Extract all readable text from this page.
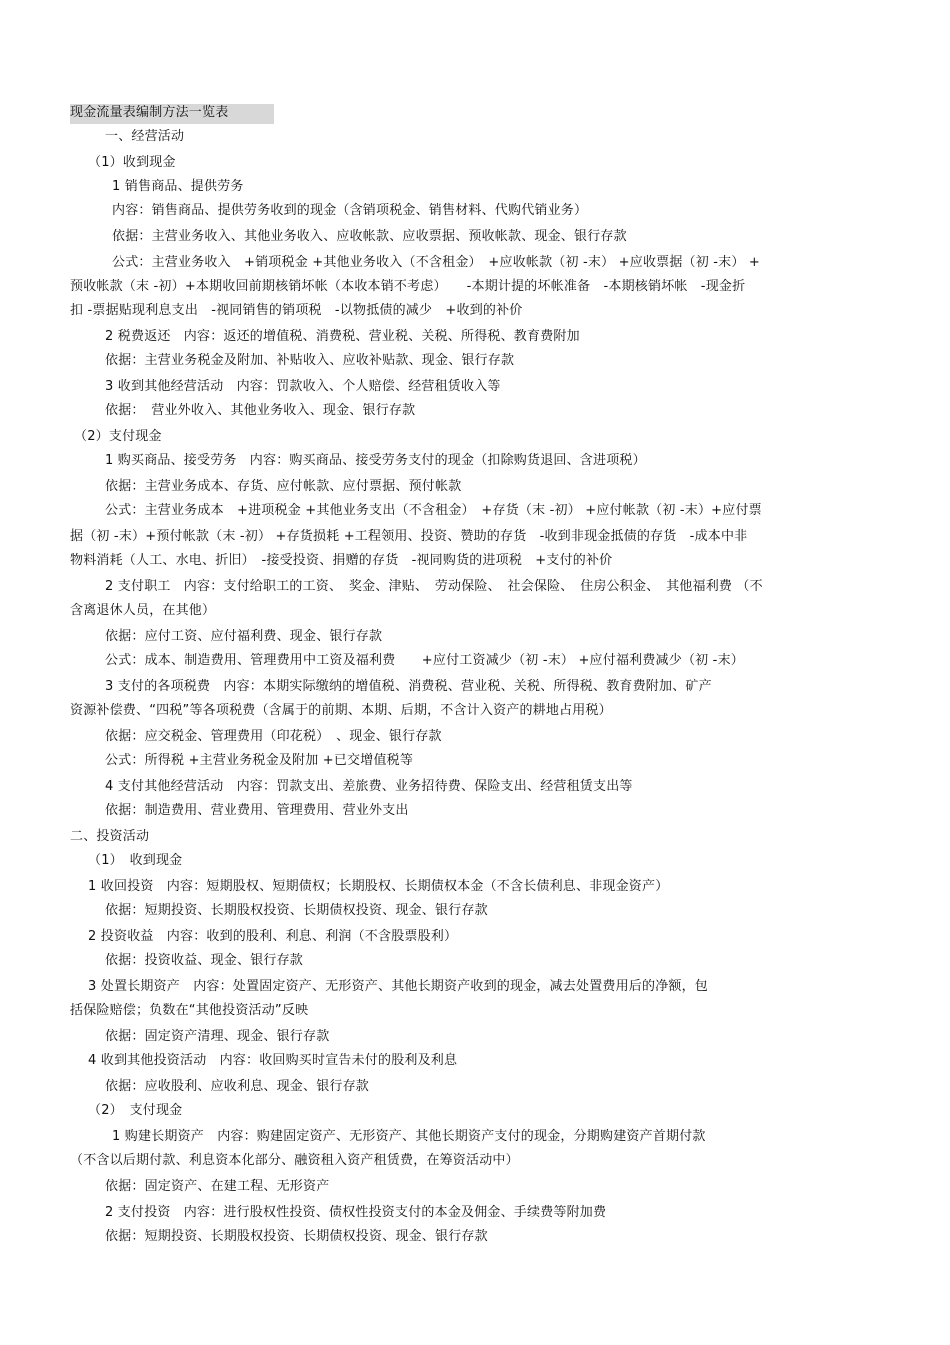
现金流量表编制方法一览表
一、经营活动
（1）收到现金
1 销售商品、提供劳务
内容：销售商品、提供劳务收到的现金（含销项税金、销售材料、代购代销业务）
依据：主营业务收入、其他业务收入、应收帐款、应收票据、预收帐款、现金、银行存款
公式：主营业务收入　+销项税金 +其他业务收入（不含租金）　+应收帐款（初 -末） +应收票据（初 -末） +
预收帐款（末 -初）+本期收回前期核销坏帐（本收本销不考虑）　　-本期计提的坏帐准备　-本期核销坏帐　-现金折
扣 -票据贴现利息支出　-视同销售的销项税　-以物抵债的减少　+收到的补价
2 税费返还　内容：返还的增值税、消费税、营业税、关税、所得税、教育费附加
依据：主营业务税金及附加、补贴收入、应收补贴款、现金、银行存款
3 收到其他经营活动　内容：罚款收入、个人赔偿、经营租赁收入等
依据：　营业外收入、其他业务收入、现金、银行存款
（2）支付现金
1 购买商品、接受劳务　内容：购买商品、接受劳务支付的现金（扣除购货退回、含进项税）
依据：主营业务成本、存货、应付帐款、应付票据、预付帐款
公式：主营业务成本　+进项税金 +其他业务支出（不含租金）　+存货（末 -初） +应付帐款（初 -末）+应付票
据（初 -末）+预付帐款（末 -初） +存货损耗 +工程领用、投资、赞助的存货　-收到非现金抵债的存货　-成本中非
物料消耗（人工、水电、折旧）　-接受投资、捐赠的存货　-视同购货的进项税　+支付的补价
2 支付职工　内容：支付给职工的工资、　奖金、津贴、　劳动保险、　社会保险、　住房公积金、　其他福利费 （不
含离退休人员，在其他）
依据：应付工资、应付福利费、现金、银行存款
公式：成本、制造费用、管理费用中工资及福利费　　+应付工资减少（初 -末） +应付福利费减少（初 -末）
3 支付的各项税费　内容：本期实际缴纳的增值税、消费税、营业税、关税、所得税、教育费附加、矿产
资源补偿费、“四税”等各项税费（含属于的前期、本期、后期，不含计入资产的耕地占用税）
依据：应交税金、管理费用（印花税）　、现金、银行存款
公式：所得税 +主营业务税金及附加 +已交增值税等
4 支付其他经营活动　内容：罚款支出、差旅费、业务招待费、保险支出、经营租赁支出等
依据：制造费用、营业费用、管理费用、营业外支出
二、投资活动
（1）　收到现金
1 收回投资　内容：短期股权、短期债权；长期股权、长期债权本金（不含长债利息、非现金资产）
依据：短期投资、长期股权投资、长期债权投资、现金、银行存款
2 投资收益　内容：收到的股利、利息、利润（不含股票股利）
依据：投资收益、现金、银行存款
3 处置长期资产　内容：处置固定资产、无形资产、其他长期资产收到的现金，减去处置费用后的净额，包
括保险赔偿；负数在“其他投资活动”反映
依据：固定资产清理、现金、银行存款
4 收到其他投资活动　内容：收回购买时宣告未付的股利及利息
依据：应收股利、应收利息、现金、银行存款
（2）　支付现金
1 购建长期资产　内容：购建固定资产、无形资产、其他长期资产支付的现金，分期购建资产首期付款
（不含以后期付款、利息资本化部分、融资租入资产租赁费，在筹资活动中）
依据：固定资产、在建工程、无形资产
2 支付投资　内容：进行股权性投资、债权性投资支付的本金及佣金、手续费等附加费
依据：短期投资、长期股权投资、长期债权投资、现金、银行存款
